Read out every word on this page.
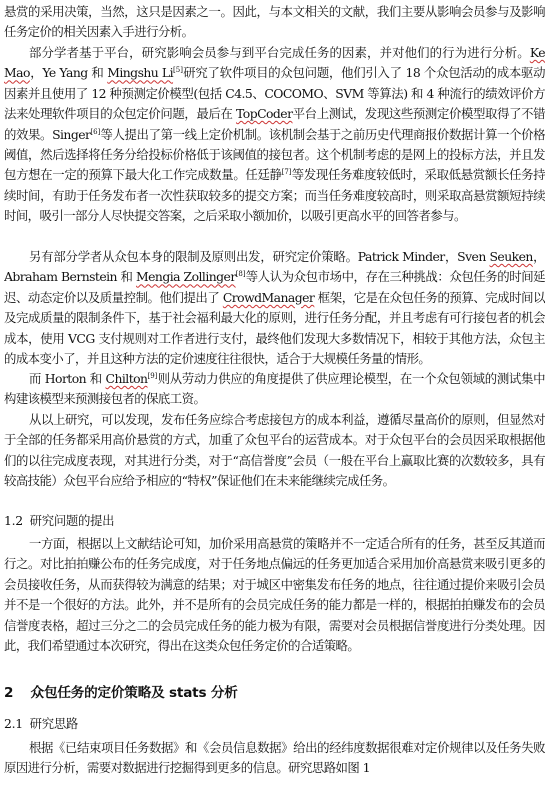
悬赏的采用决策，当然，这只是因素之一。因此，与本文相关的文献，我们主要从影响会员参与及影响任务定价的相关因素入手进行分析。

部分学者基于平台，研究影响会员参与到平台完成任务的因素，并对他们的行为进行分析。Ke Mao，Ye Yang 和 Mingshu Li[5]研究了软件项目的众包问题，他们引入了 18 个众包活动的成本驱动因素并且使用了 12 种预测定价模型(包括 C4.5、COCOMO、SVM 等算法) 和 4 种流行的绩效评价方法来处理软件项目的众包定价问题，最后在 TopCoder平台上测试，发现这些预测定价模型取得了不错的效果。Singer[6]等人提出了第一线上定价机制。该机制会基于之前历史代理商报价数据计算一个价格阈值，然后选择将任务分给投标价格低于该阈值的接包者。这个机制考虑的是网上的投标方法，并且发包方想在一定的预算下最大化工作完成数量。任廷静[7]等发现任务难度较低时，采取低悬赏额长任务持续时间，有助于任务发布者一次性获取较多的提交方案；而当任务难度较高时，则采取高悬赏额短持续时间，吸引一部分人尽快提交答案，之后采取小额加价，以吸引更高水平的回答者参与。

另有部分学者从众包本身的限制及原则出发，研究定价策略。Patrick Minder，Sven Seuken，Abraham Bernstein 和 Mengia Zollinger[8]等人认为众包市场中，存在三种挑战：众包任务的时间延迟、动态定价以及质量控制。他们提出了 CrowdManager 框架，它是在众包任务的预算、完成时间以及完成质量的限制条件下，基于社会福利最大化的原则，进行任务分配，并且考虑有可行接包者的机会成本，使用 VCG 支付规则对工作者进行支付，最终他们发现大多数情况下，相较于其他方法，众包主的成本变小了，并且这种方法的定价速度往往很快，适合于大规模任务量的情形。

而 Horton 和 Chilton[9]则从劳动力供应的角度提供了供应理论模型，在一个众包领域的测试集中构建该模型来预测接包者的保底工资。

从以上研究，可以发现，发布任务应综合考虑接包方的成本利益，遵循尽量高价的原则，但显然对于全部的任务都采用高价悬赏的方式，加重了众包平台的运营成本。对于众包平台的会员因采取根据他们的以往完成度表现，对其进行分类，对于“高信誉度”会员（一般在平台上赢取比赛的次数较多，具有较高技能）众包平台应给予相应的“特权”保证他们在未来能继续完成任务。

1.2 研究问题的提出

一方面，根据以上文献结论可知，加价采用高悬赏的策略并不一定适合所有的任务，甚至反其道而行之。对比拍拍赚公布的任务完成度，对于任务地点偏远的任务更加适合采用加价高悬赏来吸引更多的会员接收任务，从而获得较为满意的结果；对于城区中密集发布任务的地点，往往通过提价来吸引会员并不是一个很好的方法。此外，并不是所有的会员完成任务的能力都是一样的，根据拍拍赚发布的会员信誉度表格，超过三分之二的会员完成任务的能力极为有限，需要对会员根据信誉度进行分类处理。因此，我们希望通过本次研究，得出在这类众包任务定价的合适策略。

2 众包任务的定价策略及 stats 分析
2.1 研究思路

根据《已结束项目任务数据》和《会员信息数据》给出的经纬度数据很难对定价规律以及任务失败原因进行分析，需要对数据进行挖掘得到更多的信息。研究思路如图 1
